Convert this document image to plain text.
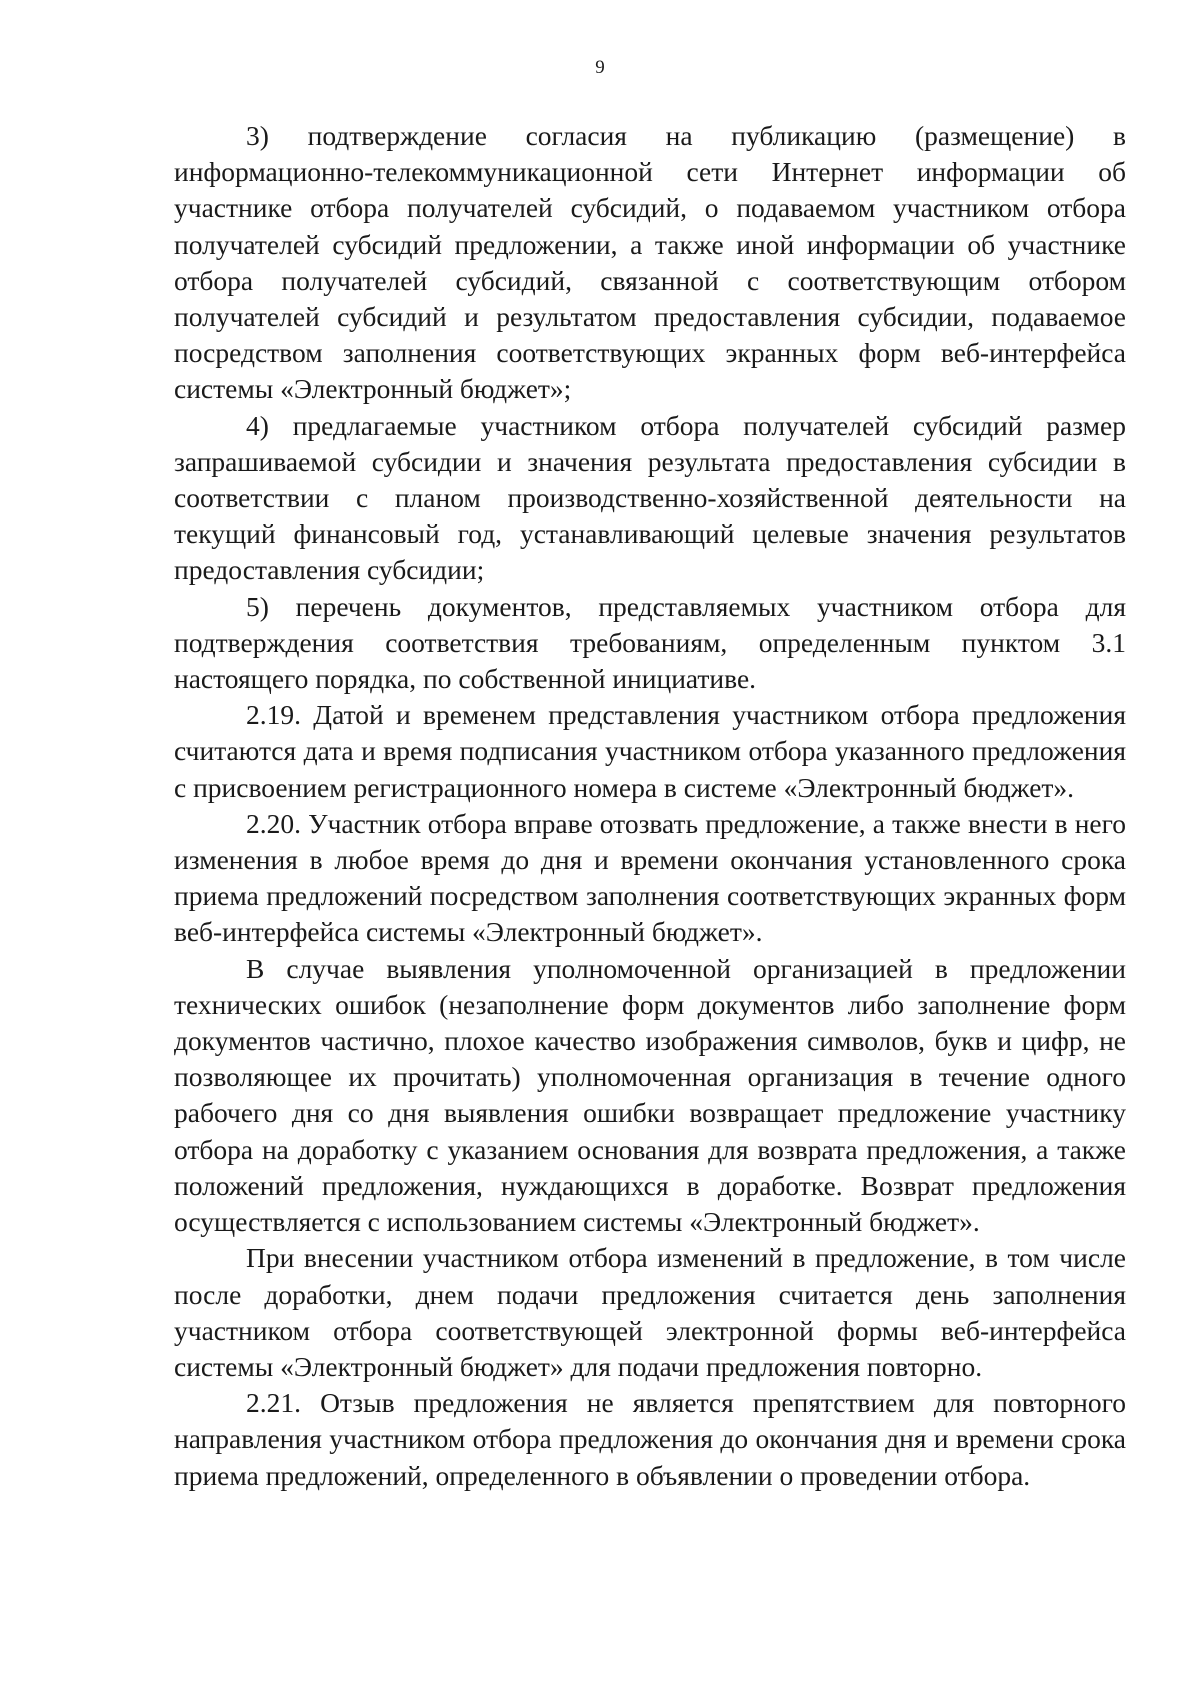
9

3) подтверждение согласия на публикацию (размещение) в информационно-телекоммуникационной сети Интернет информации об участнике отбора получателей субсидий, о подаваемом участником отбора получателей субсидий предложении, а также иной информации об участнике отбора получателей субсидий, связанной с соответствующим отбором получателей субсидий и результатом предоставления субсидии, подаваемое посредством заполнения соответствующих экранных форм веб-интерфейса системы «Электронный бюджет»;

4) предлагаемые участником отбора получателей субсидий размер запрашиваемой субсидии и значения результата предоставления субсидии в соответствии с планом производственно-хозяйственной деятельности на текущий финансовый год, устанавливающий целевые значения результатов предоставления субсидии;

5) перечень документов, представляемых участником отбора для подтверждения соответствия требованиям, определенным пунктом 3.1 настоящего порядка, по собственной инициативе.

2.19. Датой и временем представления участником отбора предложения считаются дата и время подписания участником отбора указанного предложения с присвоением регистрационного номера в системе «Электронный бюджет».

2.20. Участник отбора вправе отозвать предложение, а также внести в него изменения в любое время до дня и времени окончания установленного срока приема предложений посредством заполнения соответствующих экранных форм веб-интерфейса системы «Электронный бюджет».

В случае выявления уполномоченной организацией в предложении технических ошибок (незаполнение форм документов либо заполнение форм документов частично, плохое качество изображения символов, букв и цифр, не позволяющее их прочитать) уполномоченная организация в течение одного рабочего дня со дня выявления ошибки возвращает предложение участнику отбора на доработку с указанием основания для возврата предложения, а также положений предложения, нуждающихся в доработке. Возврат предложения осуществляется с использованием системы «Электронный бюджет».

При внесении участником отбора изменений в предложение, в том числе после доработки, днем подачи предложения считается день заполнения участником отбора соответствующей электронной формы веб-интерфейса системы «Электронный бюджет» для подачи предложения повторно.

2.21. Отзыв предложения не является препятствием для повторного направления участником отбора предложения до окончания дня и времени срока приема предложений, определенного в объявлении о проведении отбора.
